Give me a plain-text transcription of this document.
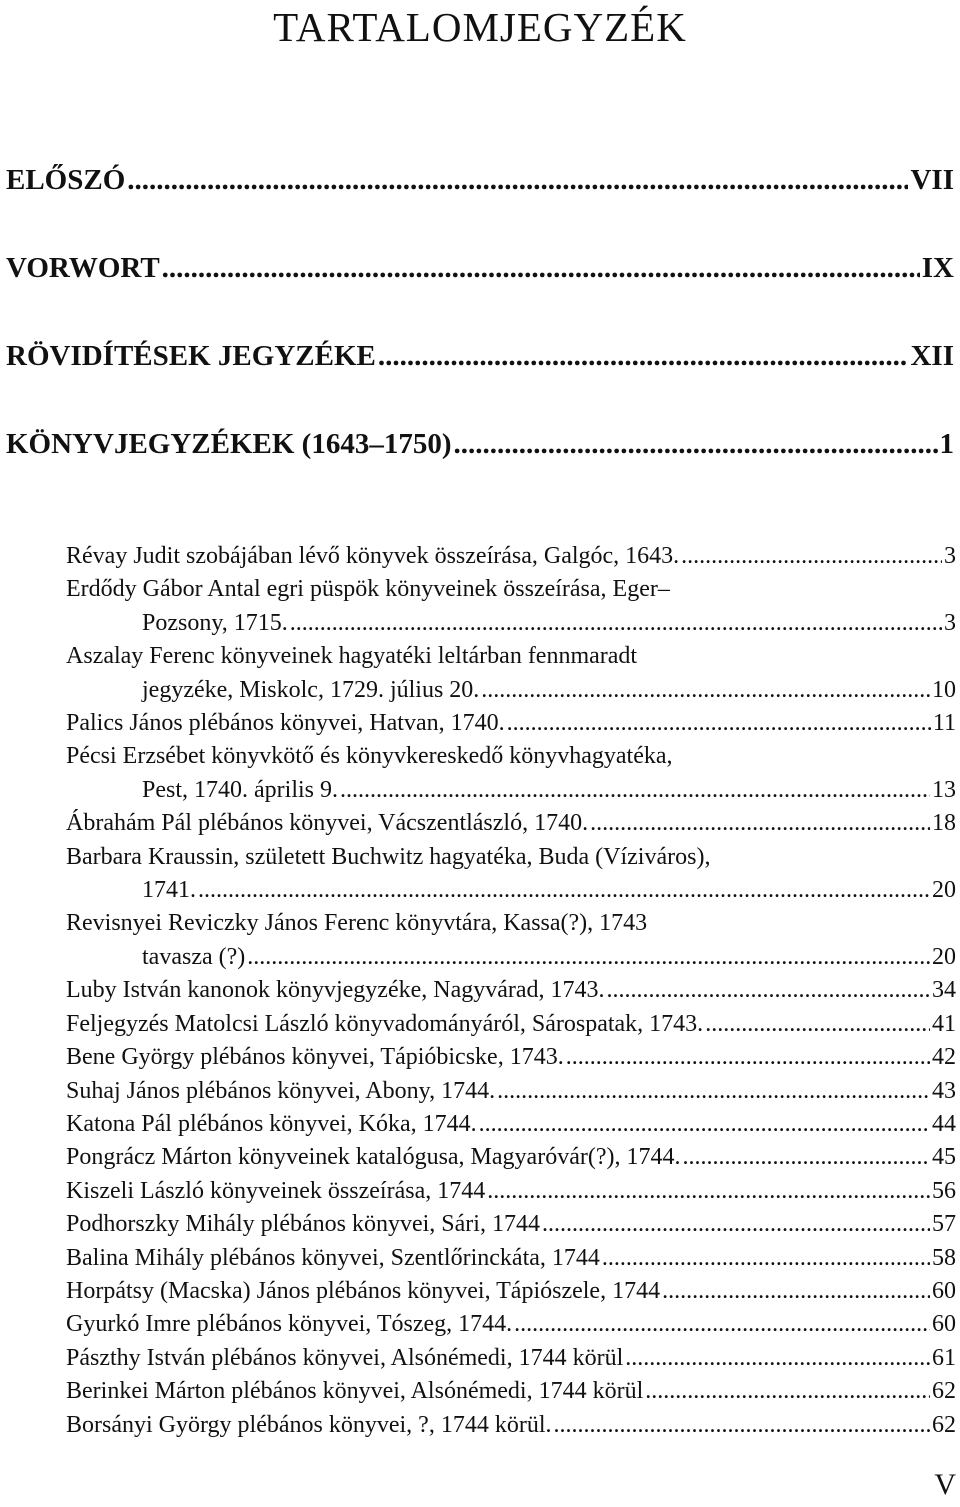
TARTALOMJEGYZÉK
ELŐSZÓ .....	VII
VORWORT .....	IX
RÖVIDÍTÉSEK JEGYZÉKE .....	XII
KÖNYVJEGYZÉKEK (1643–1750) .....	1
Révay Judit szobájában lévő könyvek összeírása, Galgóc, 1643. .....	3
Erdődy Gábor Antal egri püspök könyveinek összeírása, Eger–
Pozsony, 1715. .....	3
Aszalay Ferenc könyveinek hagyatéki leltárban fennmaradt
jegyzéke, Miskolc, 1729. július 20. .....	10
Palics János plébános könyvei, Hatvan, 1740. .....	11
Pécsi Erzsébet könyvkötő és könyvkereskedő könyvhagyatéka,
Pest, 1740. április 9. .....	13
Ábrahám Pál plébános könyvei, Vácszentlászló, 1740. .....	18
Barbara Kraussin, született Buchwitz hagyatéka, Buda (Víziváros),
1741. .....	20
Revisnyei Reviczky János Ferenc könyvtára, Kassa(?), 1743
tavasza (?) .....	20
Luby István kanonok könyvjegyzéke, Nagyvárad, 1743. .....	34
Feljegyzés Matolcsi László könyvadományáról, Sárospatak, 1743. .....	41
Bene György plébános könyvei, Tápióbicske, 1743. .....	42
Suhaj János plébános könyvei, Abony, 1744. .....	43
Katona Pál plébános könyvei, Kóka, 1744. .....	44
Pongrácz Márton könyveinek katalógusa, Magyaróvár(?), 1744. .....	45
Kiszeli László könyveinek összeírása, 1744 .....	56
Podhorszky Mihály plébános könyvei, Sári, 1744 .....	57
Balina Mihály plébános könyvei, Szentlőrinckáta, 1744 .....	58
Horpátsy (Macska) János plébános könyvei, Tápiószele, 1744 .....	60
Gyurkó Imre plébános könyvei, Tószeg, 1744. .....	60
Pászthy István plébános könyvei, Alsónémedi, 1744 körül .....	61
Berinkei Márton plébános könyvei, Alsónémedi, 1744 körül .....	62
Borsányi György plébános könyvei, ?, 1744 körül. .....	62
V
